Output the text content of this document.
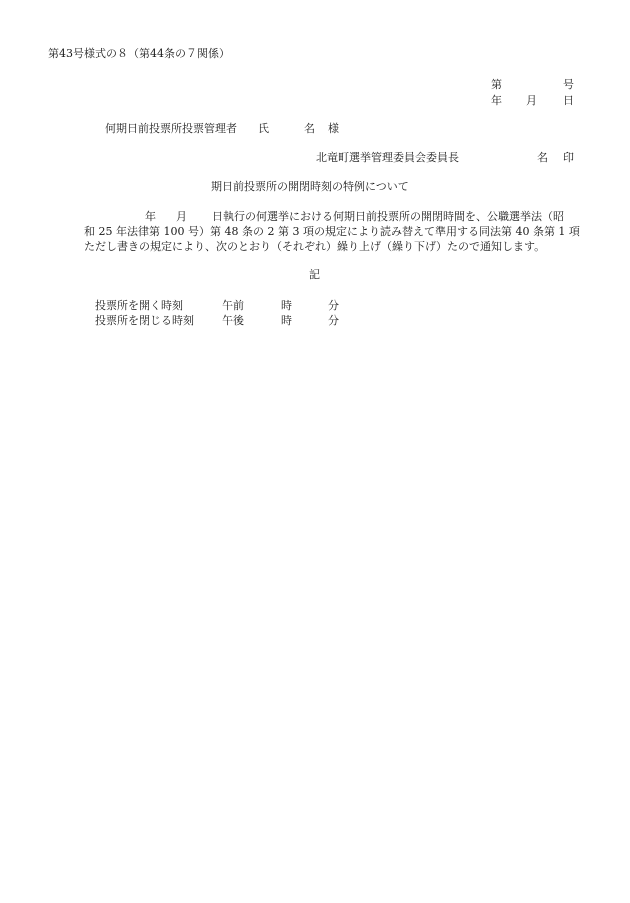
第43号様式の８（第44条の７関係）
第	号
年 月 日
何期日前投票所投票管理者 氏	名 様
北竜町選挙管理委員会委員長	名 印
期日前投票所の開閉時刻の特例について
年 月 日執行の何選挙における何期日前投票所の開閉時間を、公職選挙法（昭
和 25 年法律第 100 号）第 48 条の 2 第 3 項の規定により読み替えて準用する同法第 40 条第 1 項
ただし書きの規定により、次のとおり（それぞれ）繰り上げ（繰り下げ）たので通知します。
記
投票所を開く時刻	午前	時	分
投票所を閉じる時刻	午後	時	分
